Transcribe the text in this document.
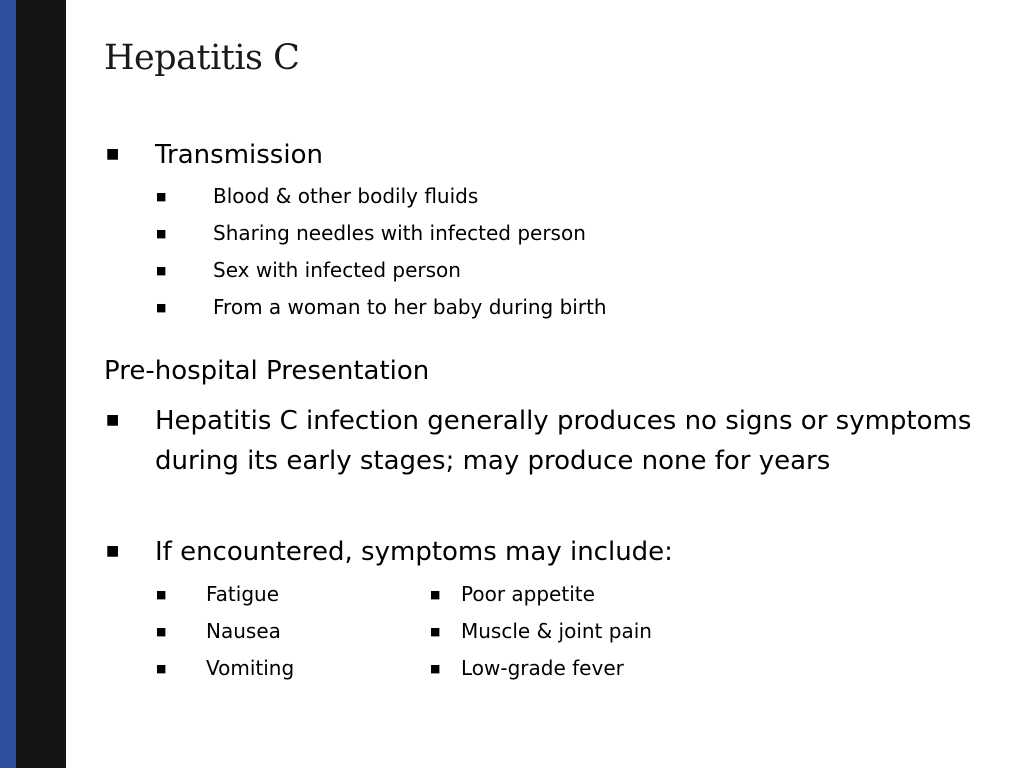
Hepatitis C
■ Transmission
■ Blood & other bodily fluids
■ Sharing needles with infected person
■ Sex with infected person
■ From a woman to her baby during birth
Pre-hospital Presentation
■ Hepatitis C infection generally produces no signs or symptoms during its early stages; may produce none for years
■ If encountered, symptoms may include:
■ Fatigue
■ Nausea
■ Vomiting
■ Poor appetite
■ Muscle & joint pain
■ Low-grade fever
